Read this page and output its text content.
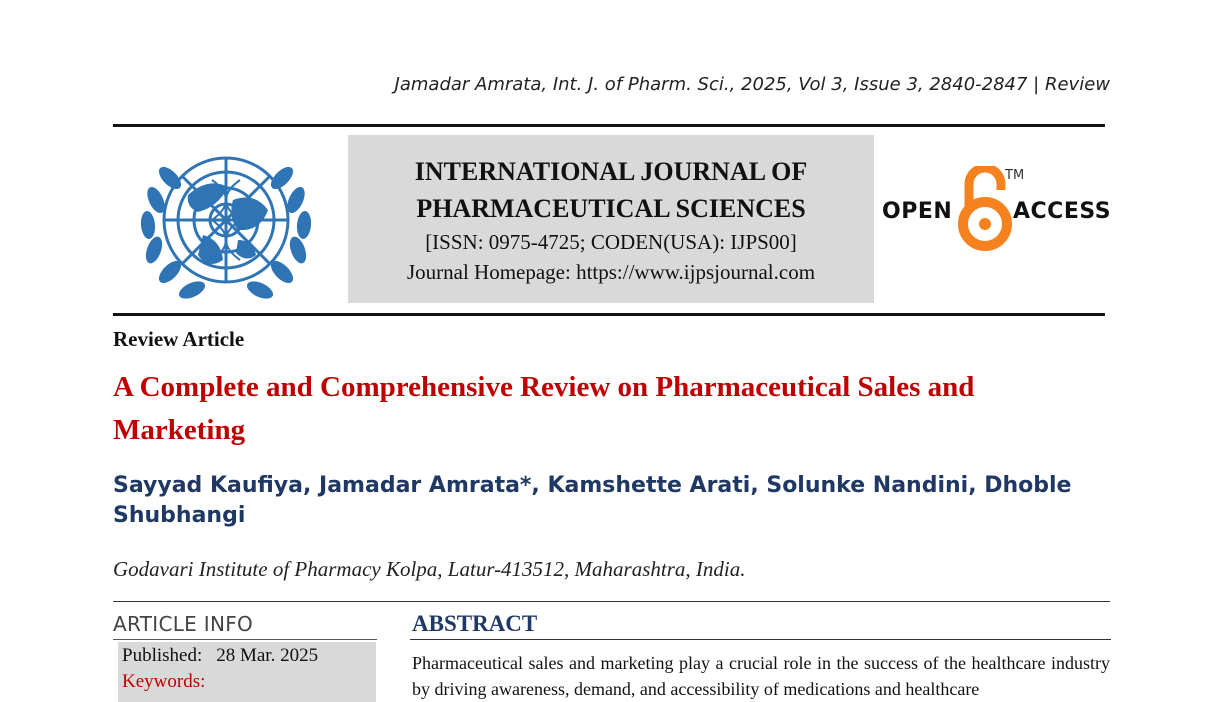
Jamadar Amrata, Int. J. of Pharm. Sci., 2025, Vol 3, Issue 3, 2840-2847 | Review
INTERNATIONAL JOURNAL OF
PHARMACEUTICAL SCIENCES
[ISSN: 0975-4725; CODEN(USA): IJPS00]
Journal Homepage: https://www.ijpsjournal.com
OPEN
TM
ACCESS
Review Article
A Complete and Comprehensive Review on Pharmaceutical Sales and Marketing
Sayyad Kaufiya, Jamadar Amrata*, Kamshette Arati, Solunke Nandini, Dhoble Shubhangi
Godavari Institute of Pharmacy Kolpa, Latur-413512, Maharashtra, India.
ARTICLE INFO
Published: 28 Mar. 2025
Keywords:
ABSTRACT
Pharmaceutical sales and marketing play a crucial role in the success of the healthcare industry by driving awareness, demand, and accessibility of medications and healthcare
